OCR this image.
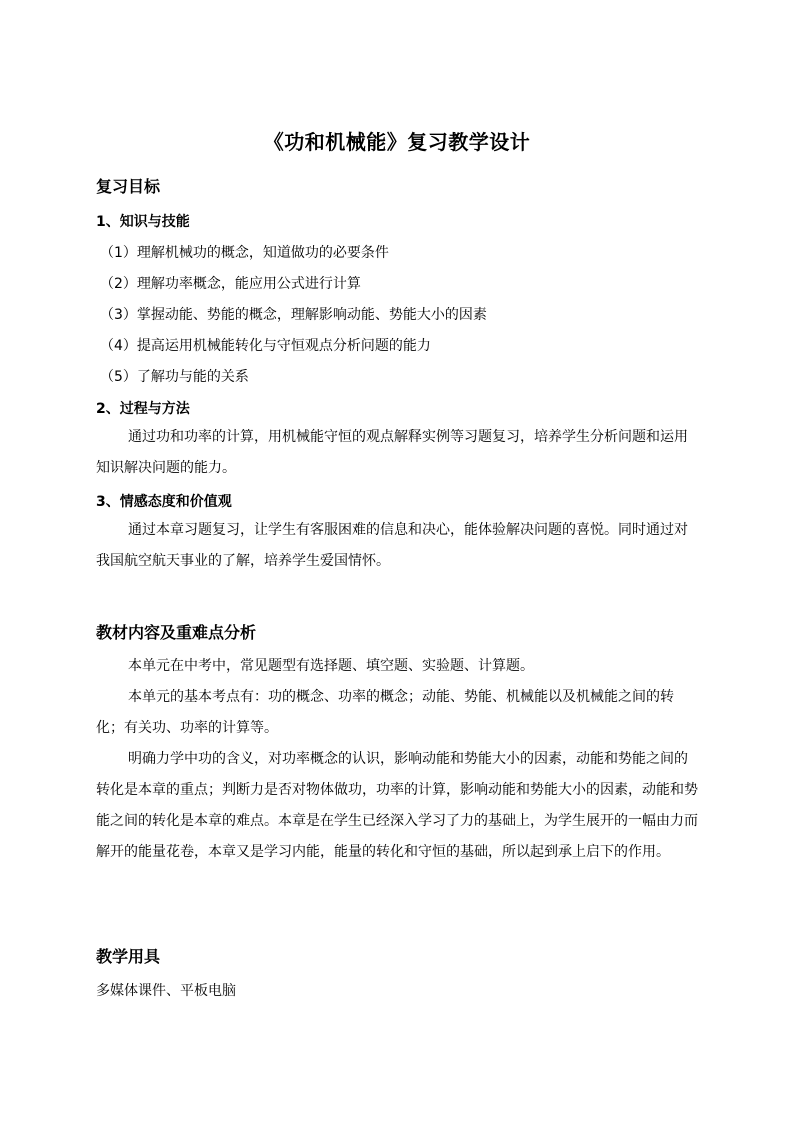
《功和机械能》复习教学设计
复习目标
1、知识与技能
（1）理解机械功的概念，知道做功的必要条件
（2）理解功率概念，能应用公式进行计算
（3）掌握动能、势能的概念，理解影响动能、势能大小的因素
（4）提高运用机械能转化与守恒观点分析问题的能力
（5）了解功与能的关系
2、过程与方法
通过功和功率的计算，用机械能守恒的观点解释实例等习题复习，培养学生分析问题和运用知识解决问题的能力。
3、情感态度和价值观
通过本章习题复习，让学生有客服困难的信息和决心，能体验解决问题的喜悦。同时通过对我国航空航天事业的了解，培养学生爱国情怀。
教材内容及重难点分析
本单元在中考中，常见题型有选择题、填空题、实验题、计算题。
本单元的基本考点有：功的概念、功率的概念；动能、势能、机械能以及机械能之间的转化；有关功、功率的计算等。
明确力学中功的含义，对功率概念的认识，影响动能和势能大小的因素，动能和势能之间的转化是本章的重点；判断力是否对物体做功，功率的计算，影响动能和势能大小的因素，动能和势能之间的转化是本章的难点。本章是在学生已经深入学习了力的基础上，为学生展开的一幅由力而解开的能量花卷，本章又是学习内能，能量的转化和守恒的基础，所以起到承上启下的作用。
教学用具
多媒体课件、平板电脑
